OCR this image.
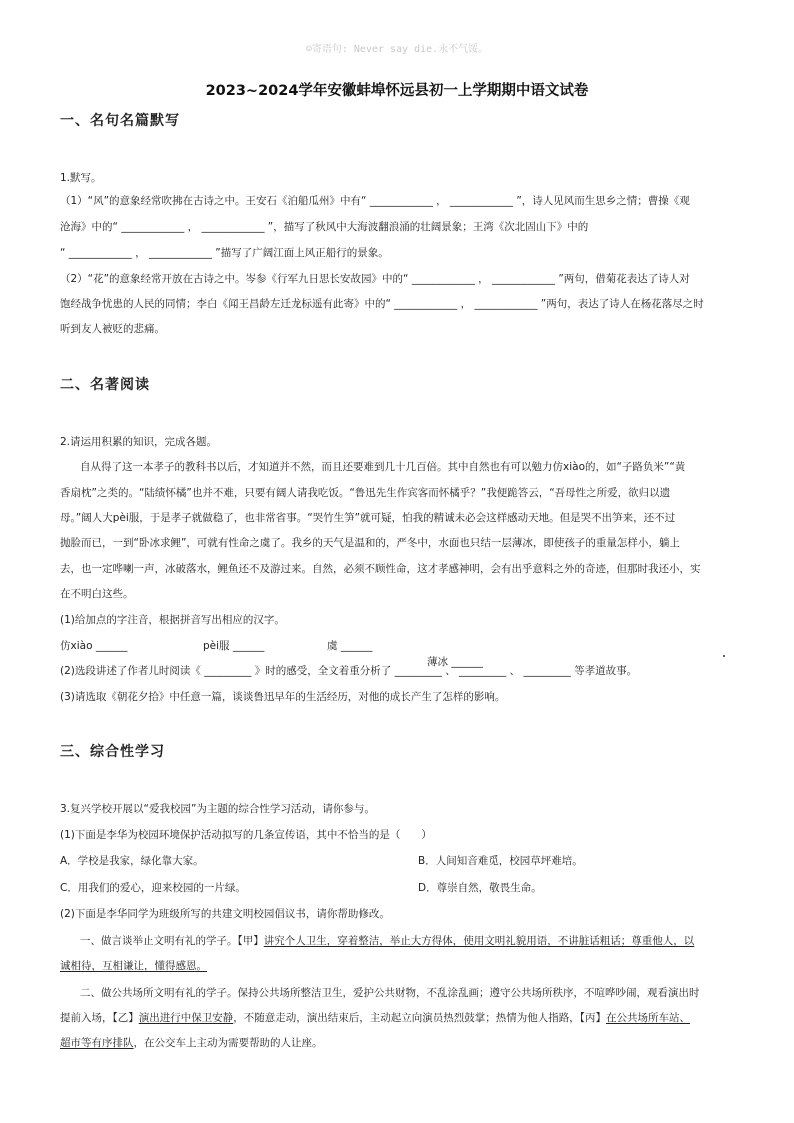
☺寄语句: Never say die.永不气馁。
2023~2024学年安徽蚌埠怀远县初一上学期期中语文试卷
一、名句名篇默写
1.默写。
（1）“风”的意象经常吹拂在古诗之中。王安石《泊船瓜州》中有“ ____________ ， ____________ ”，诗人见风而生思乡之情；曹操《观
沧海》中的“ ____________ ， ____________ ”，描写了秋风中大海波翻浪涌的壮阔景象；王湾《次北固山下》中的
“ ____________ ， ____________ ”描写了广阔江面上风正船行的景象。
（2）“花”的意象经常开放在古诗之中。岑参《行军九日思长安故园》中的“ ____________ ， ____________ ”两句，借菊花表达了诗人对
饱经战争忧患的人民的同情；李白《闻王昌龄左迁龙标遥有此寄》中的“ ____________ ， ____________ ”两句，表达了诗人在杨花落尽之时
听到友人被贬的悲痛。
二、名著阅读
2.请运用积累的知识，完成各题。
自从得了这一本孝子的教科书以后，才知道并不然，而且还要难到几十几百倍。其中自然也有可以勉力仿xiào的，如“子路负米”“黄
香扇枕”之类的。“陆绩怀橘”也并不难，只要有阔人请我吃饭。“鲁迅先生作宾客而怀橘乎？”我便跪答云，“吾母性之所爱，欲归以遗
母。”阔人大pèi服，于是孝子就做稳了，也非常省事。“哭竹生笋”就可疑，怕我的精诚未必会这样感动天地。但是哭不出笋来，还不过
抛脸而已，一到“卧冰求鲤”，可就有性命之虞了。我乡的天气是温和的，严冬中，水面也只结一层薄冰，即使孩子的重量怎样小，躺上
去，也一定哗喇一声，冰破落水，鲤鱼还不及游过来。自然，必须不顾性命，这才孝感神明，会有出乎意料之外的奇迹，但那时我还小，实
在不明白这些。
(1)给加点的字注音，根据拼音写出相应的汉字。
仿xiào ______	pèi服 ______	虞 ______
薄冰 ______
(2)选段讲述了作者儿时阅读《 _________ 》时的感受，全文着重分析了 _________ 、 _________ 、 _________ 等孝道故事。
(3)请选取《朝花夕拾》中任意一篇，谈谈鲁迅早年的生活经历，对他的成长产生了怎样的影响。
三、综合性学习
3.复兴学校开展以“爱我校园”为主题的综合性学习活动，请你参与。
(1)下面是李华为校园环境保护活动拟写的几条宣传语，其中不恰当的是（　　）
A．学校是我家，绿化靠大家。	B．人间知音难觅，校园草坪难培。
C．用我们的爱心，迎来校园的一片绿。	D．尊崇自然，敬畏生命。
(2)下面是李华同学为班级所写的共建文明校园倡议书，请你帮助修改。
一、做言谈举止文明有礼的学子。【甲】讲究个人卫生，穿着整洁，举止大方得体，使用文明礼貌用语，不讲脏话粗话；尊重他人，以
诚相待，互相谦让，懂得感恩。
二、做公共场所文明有礼的学子。保持公共场所整洁卫生，爱护公共财物，不乱涂乱画；遵守公共场所秩序，不喧哗吵闹，观看演出时
提前入场，【乙】演出进行中保卫安静，不随意走动，演出结束后，主动起立向演员热烈鼓掌；热情为他人指路，【丙】在公共场所车站、
超市等有序排队，在公交车上主动为需要帮助的人让座。
